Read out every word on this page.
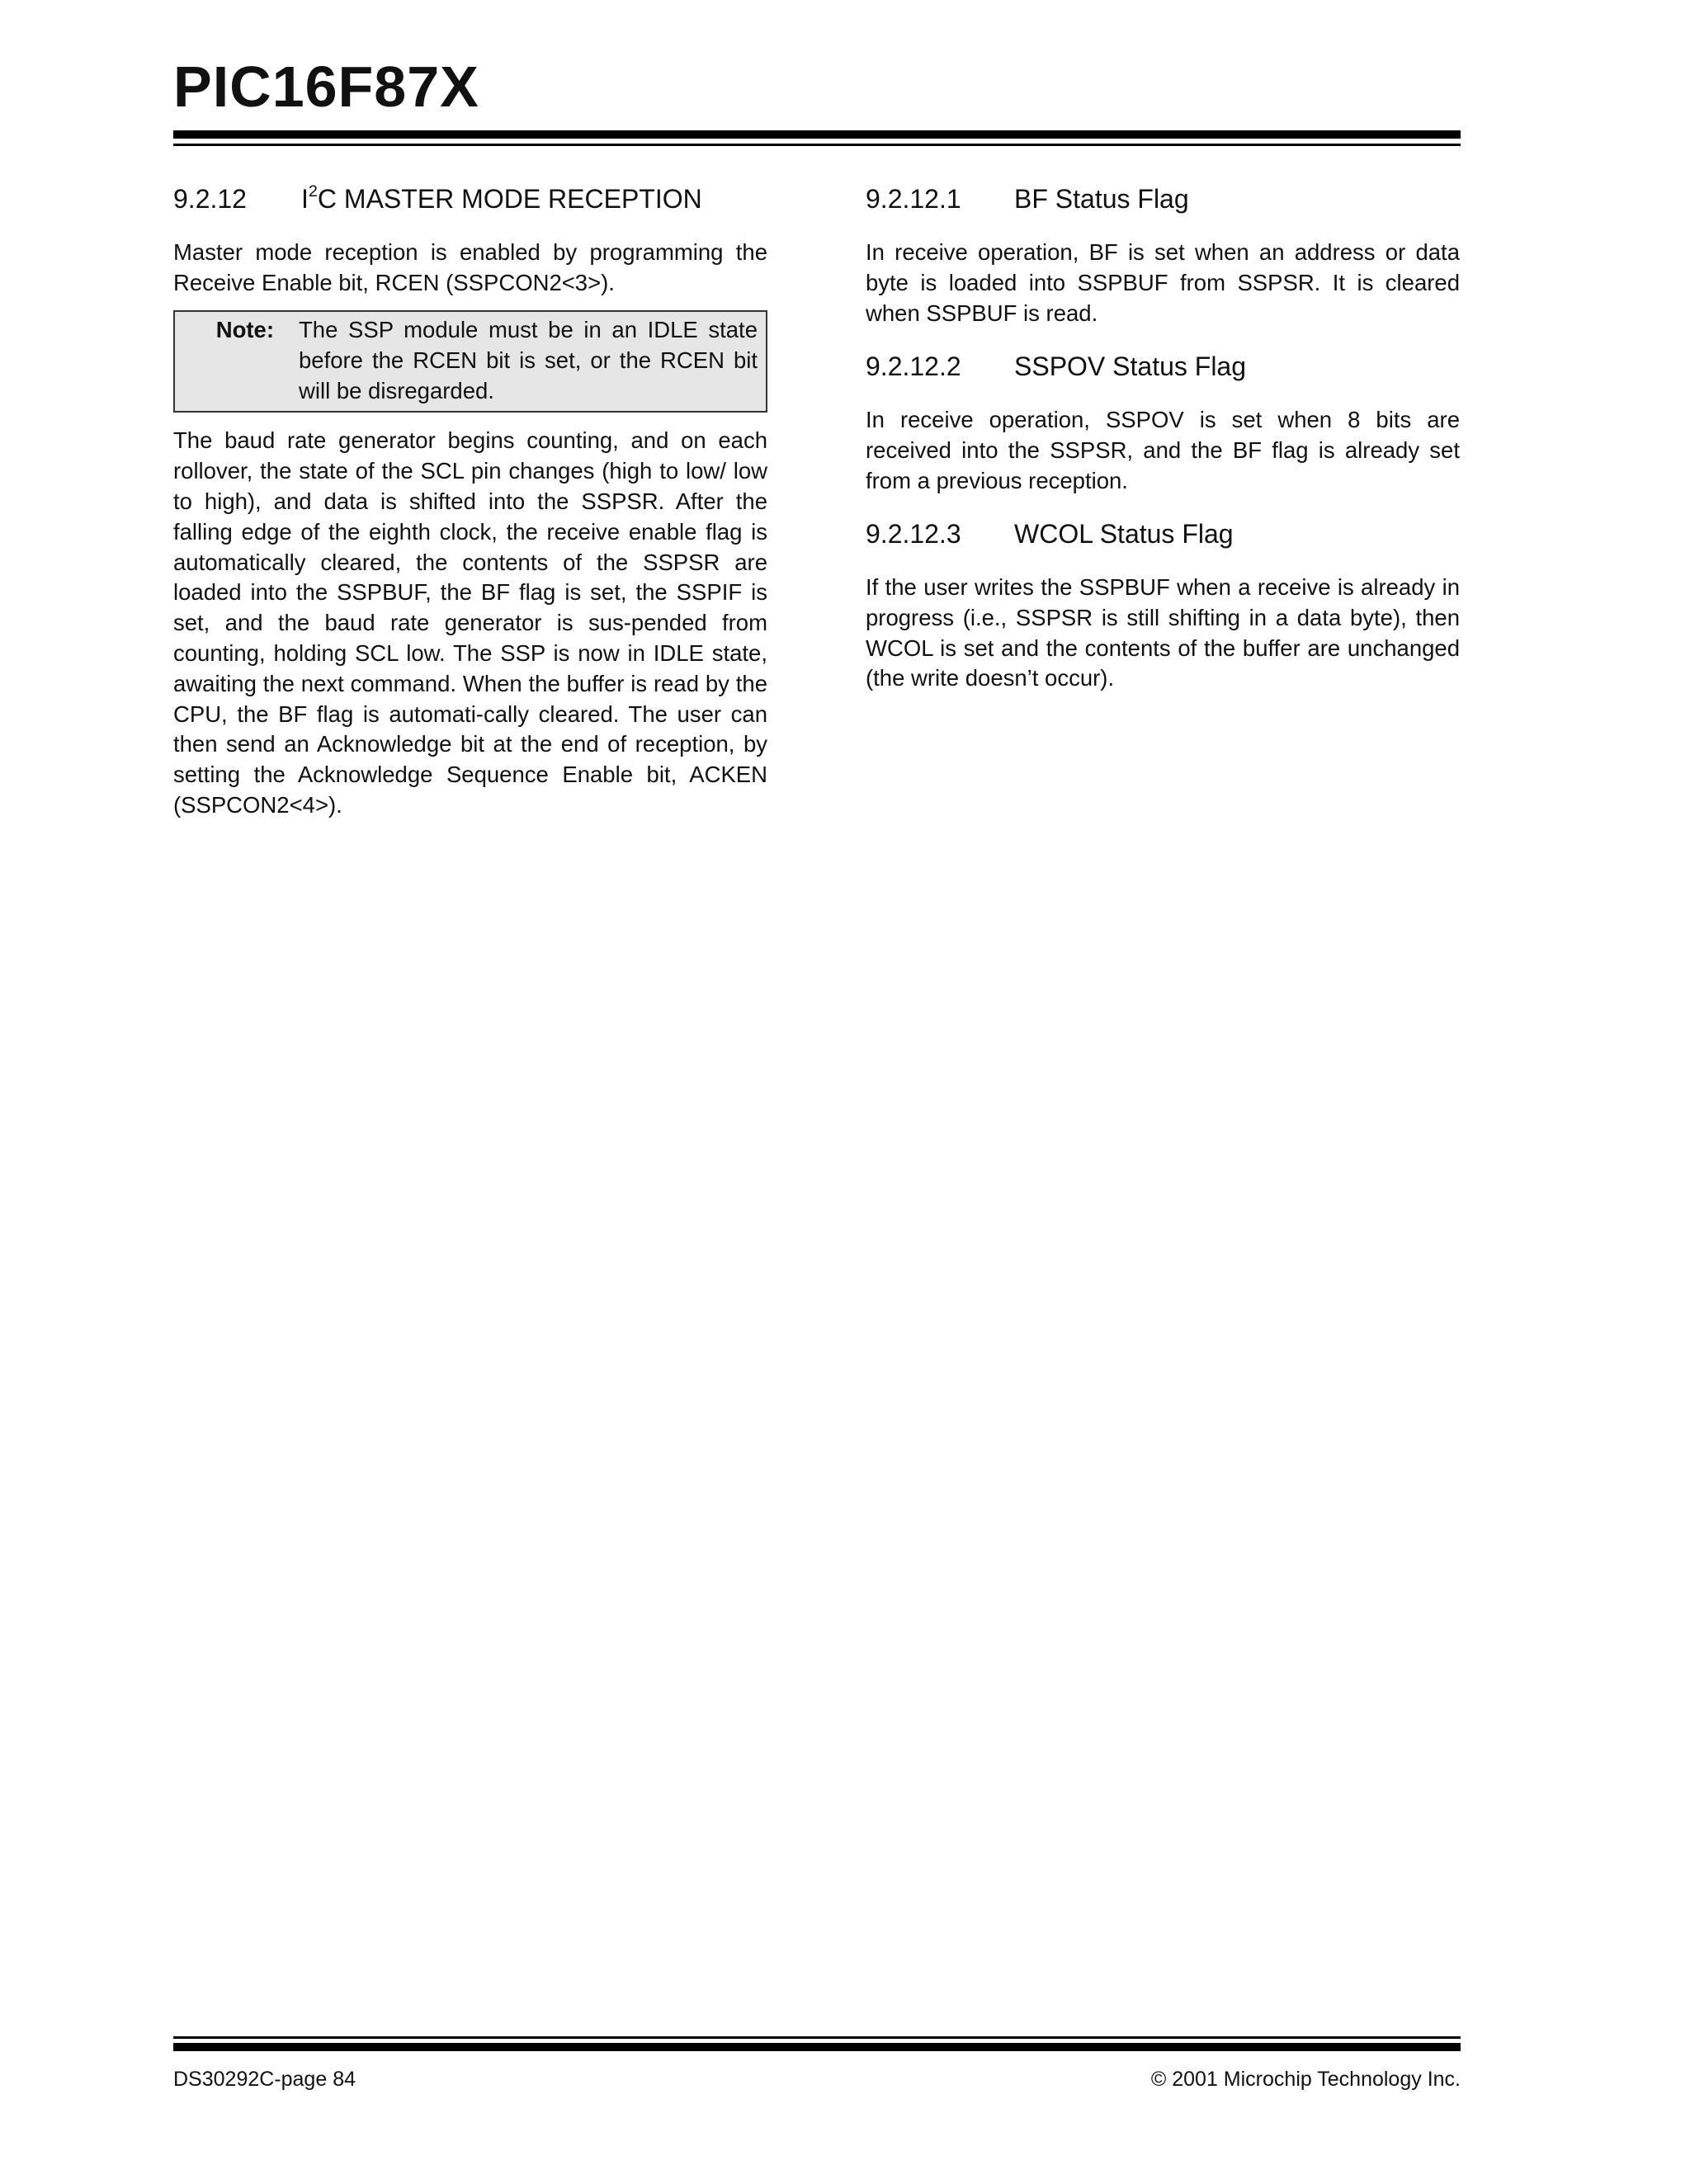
PIC16F87X
9.2.12	$I^2C$ MASTER MODE RECEPTION

Master mode reception is enabled by programming the Receive Enable bit, RCEN (SSPCON2<3>).

Note:	The SSP module must be in an IDLE state before the RCEN bit is set, or the RCEN bit will be disregarded.

The baud rate generator begins counting, and on each rollover, the state of the SCL pin changes (high to low/ low to high), and data is shifted into the SSPSR. After the falling edge of the eighth clock, the receive enable flag is automatically cleared, the contents of the SSPSR are loaded into the SSPBUF, the BF flag is set, the SSPIF is set, and the baud rate generator is sus-pended from counting, holding SCL low. The SSP is now in IDLE state, awaiting the next command. When the buffer is read by the CPU, the BF flag is automati-cally cleared. The user can then send an Acknowledge bit at the end of reception, by setting the Acknowledge Sequence Enable bit, ACKEN (SSPCON2<4>).

9.2.12.1	BF Status Flag

In receive operation, BF is set when an address or data byte is loaded into SSPBUF from SSPSR. It is cleared when SSPBUF is read.

9.2.12.2	SSPOV Status Flag

In receive operation, SSPOV is set when 8 bits are received into the SSPSR, and the BF flag is already set from a previous reception.

9.2.12.3	WCOL Status Flag

If the user writes the SSPBUF when a receive is already in progress (i.e., SSPSR is still shifting in a data byte), then WCOL is set and the contents of the buffer are unchanged (the write doesn’t occur).

DS30292C-page 84	© 2001 Microchip Technology Inc.
